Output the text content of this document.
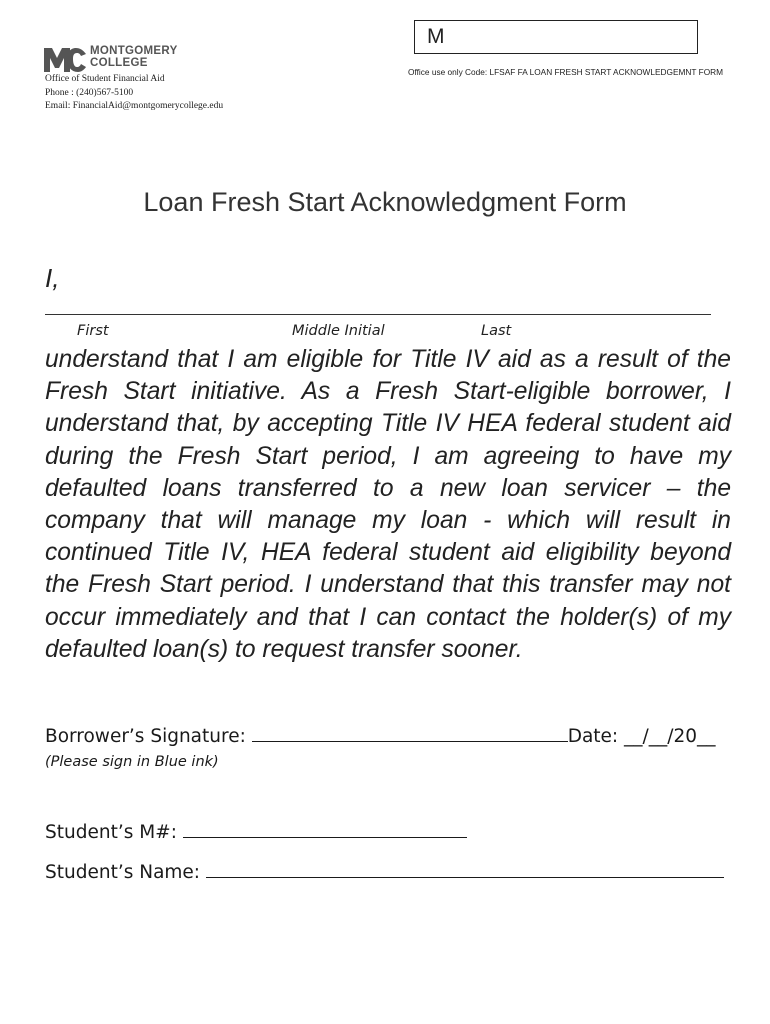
MONTGOMERY
COLLEGE
Office of Student Financial Aid
Phone : (240)567-5100
Email: FinancialAid@montgomerycollege.edu
M
Office use only Code: LFSAF FA LOAN FRESH START ACKNOWLEDGEMNT FORM
Loan Fresh Start Acknowledgment Form
I,
First	Middle Initial	Last
understand that I am eligible for Title IV aid as a result of the Fresh Start initiative. As a Fresh Start-eligible borrower, I understand that, by accepting Title IV HEA federal student aid during the Fresh Start period, I am agreeing to have my defaulted loans transferred to a new loan servicer – the company that will manage my loan - which will result in continued Title IV, HEA federal student aid eligibility beyond the Fresh Start period. I understand that this transfer may not occur immediately and that I can contact the holder(s) of my defaulted loan(s) to request transfer sooner.
Borrower’s Signature:	Date: __/__/20__
(Please sign in Blue ink)
Student’s M#:
Student’s Name:
